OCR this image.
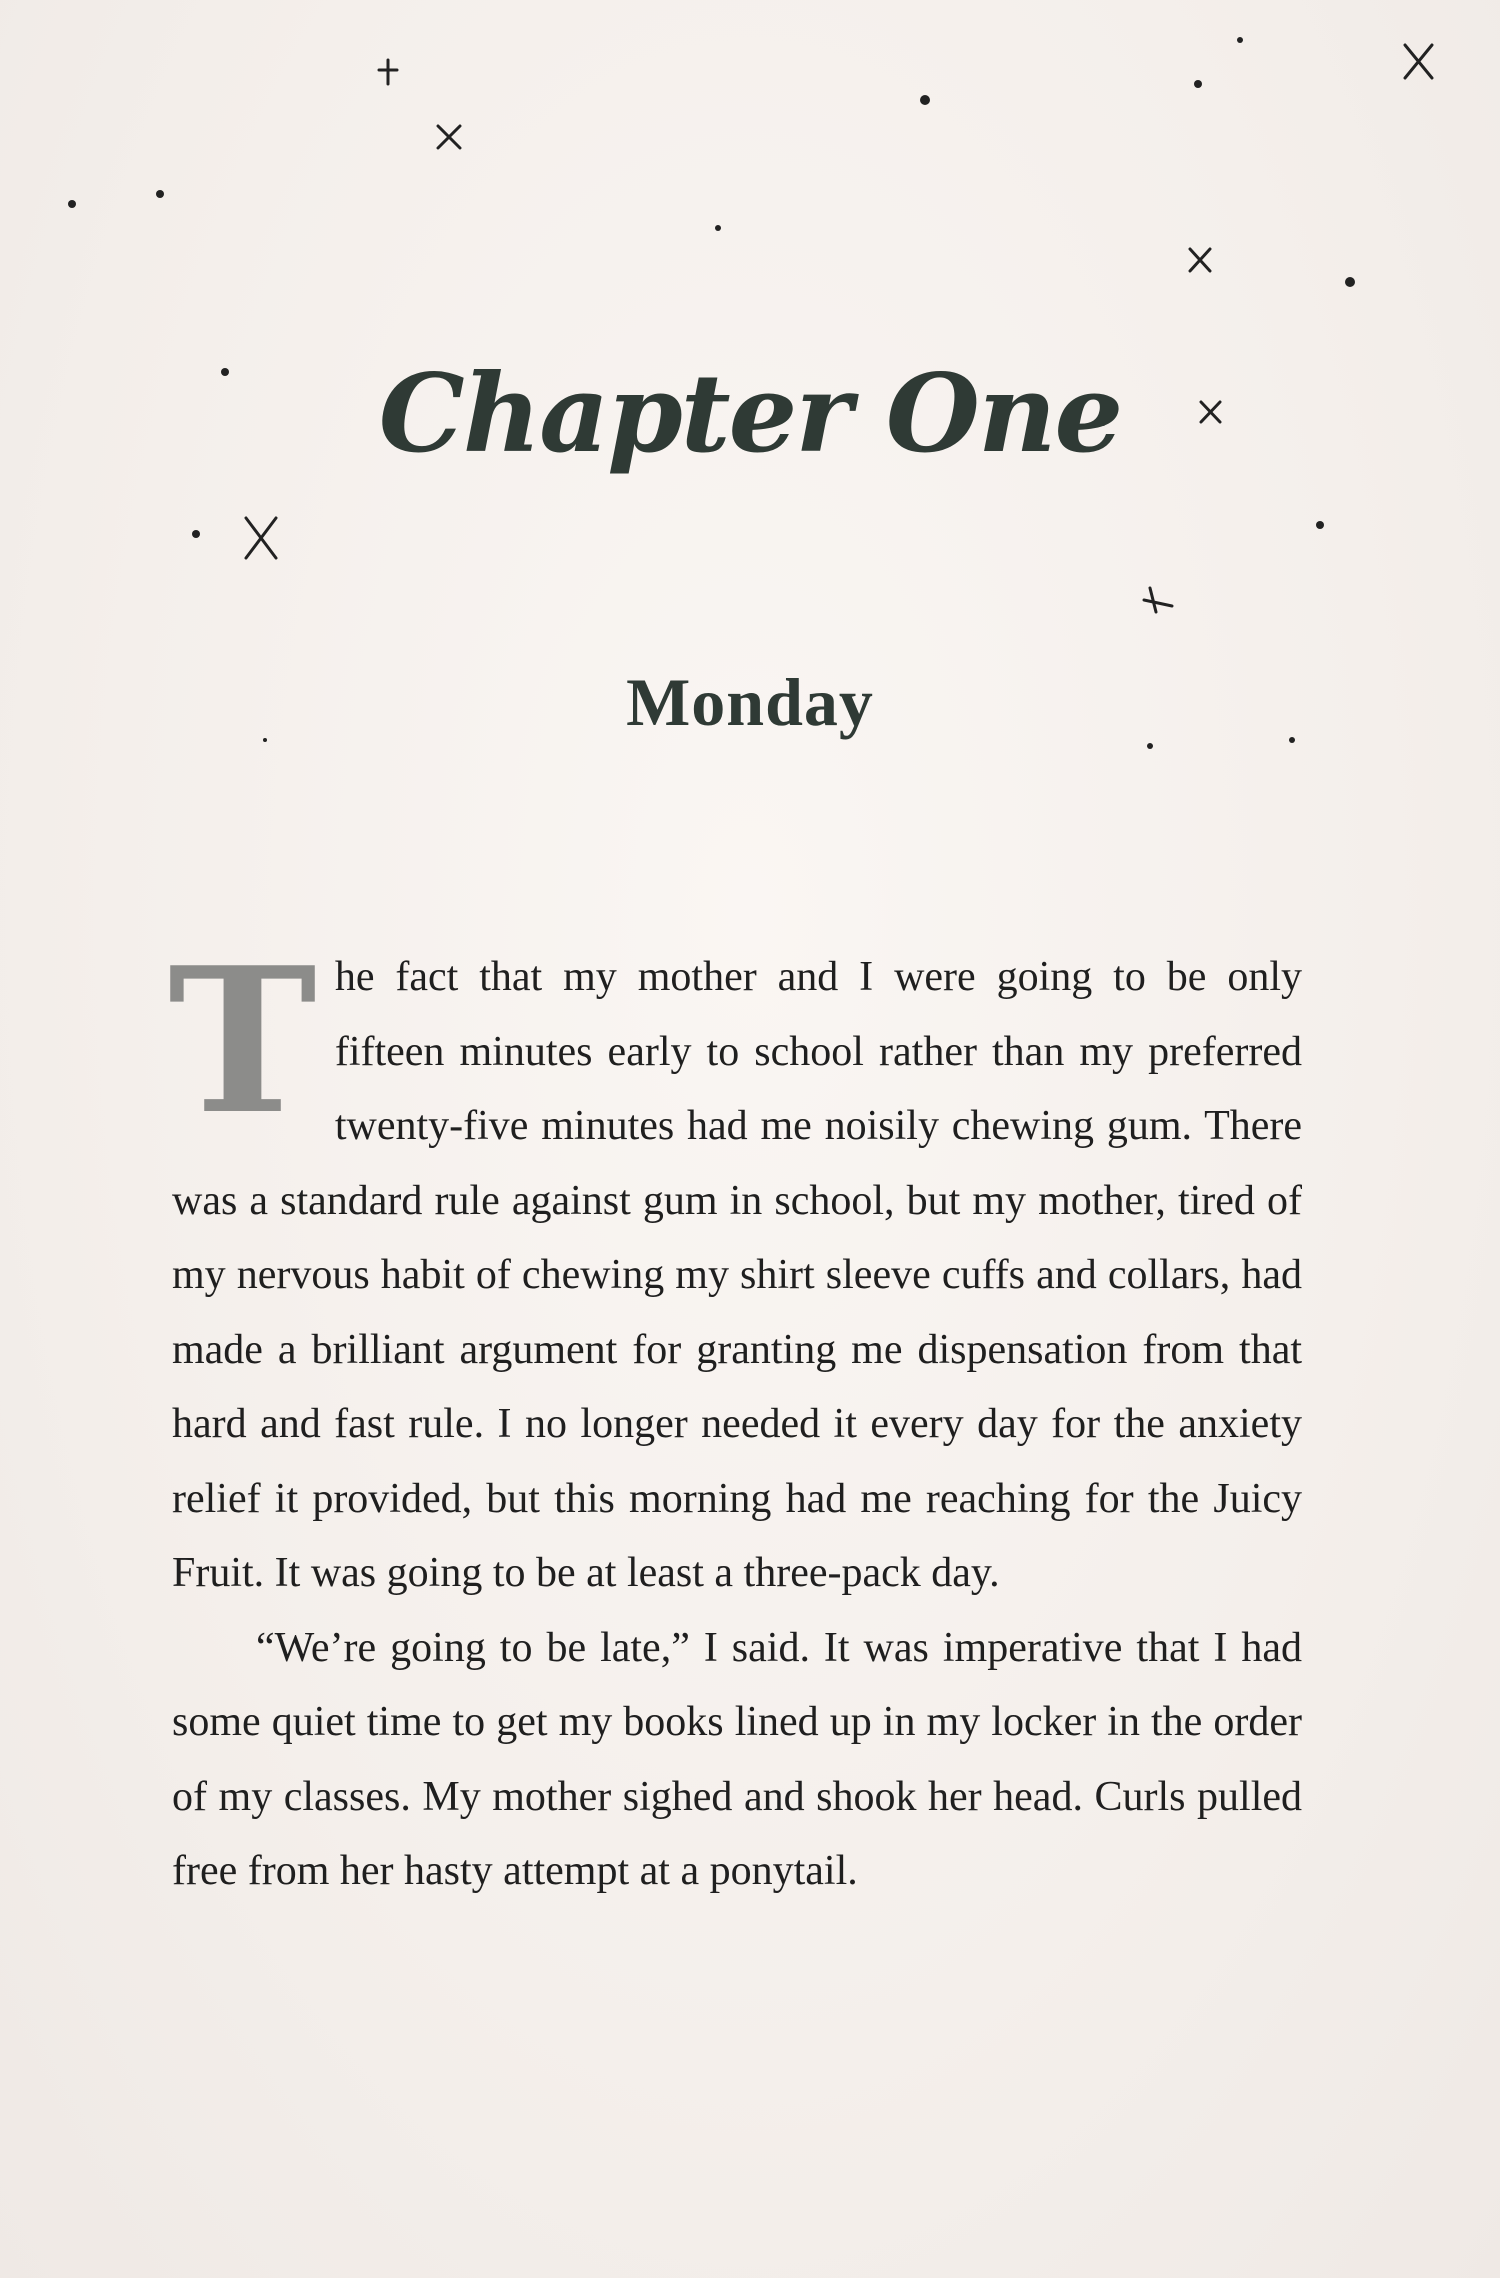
Chapter One
Monday

The fact that my mother and I were going to be only fifteen minutes early to school rather than my preferred twenty-five minutes had me noisily chewing gum. There was a standard rule against gum in school, but my mother, tired of my nervous habit of chewing my shirt sleeve cuffs and collars, had made a brilliant argument for granting me dispensation from that hard and fast rule. I no longer needed it every day for the anxiety relief it provided, but this morning had me reaching for the Juicy Fruit. It was going to be at least a three-pack day.

“We’re going to be late,” I said. It was imperative that I had some quiet time to get my books lined up in my locker in the order of my classes. My mother sighed and shook her head. Curls pulled free from her hasty attempt at a ponytail.
